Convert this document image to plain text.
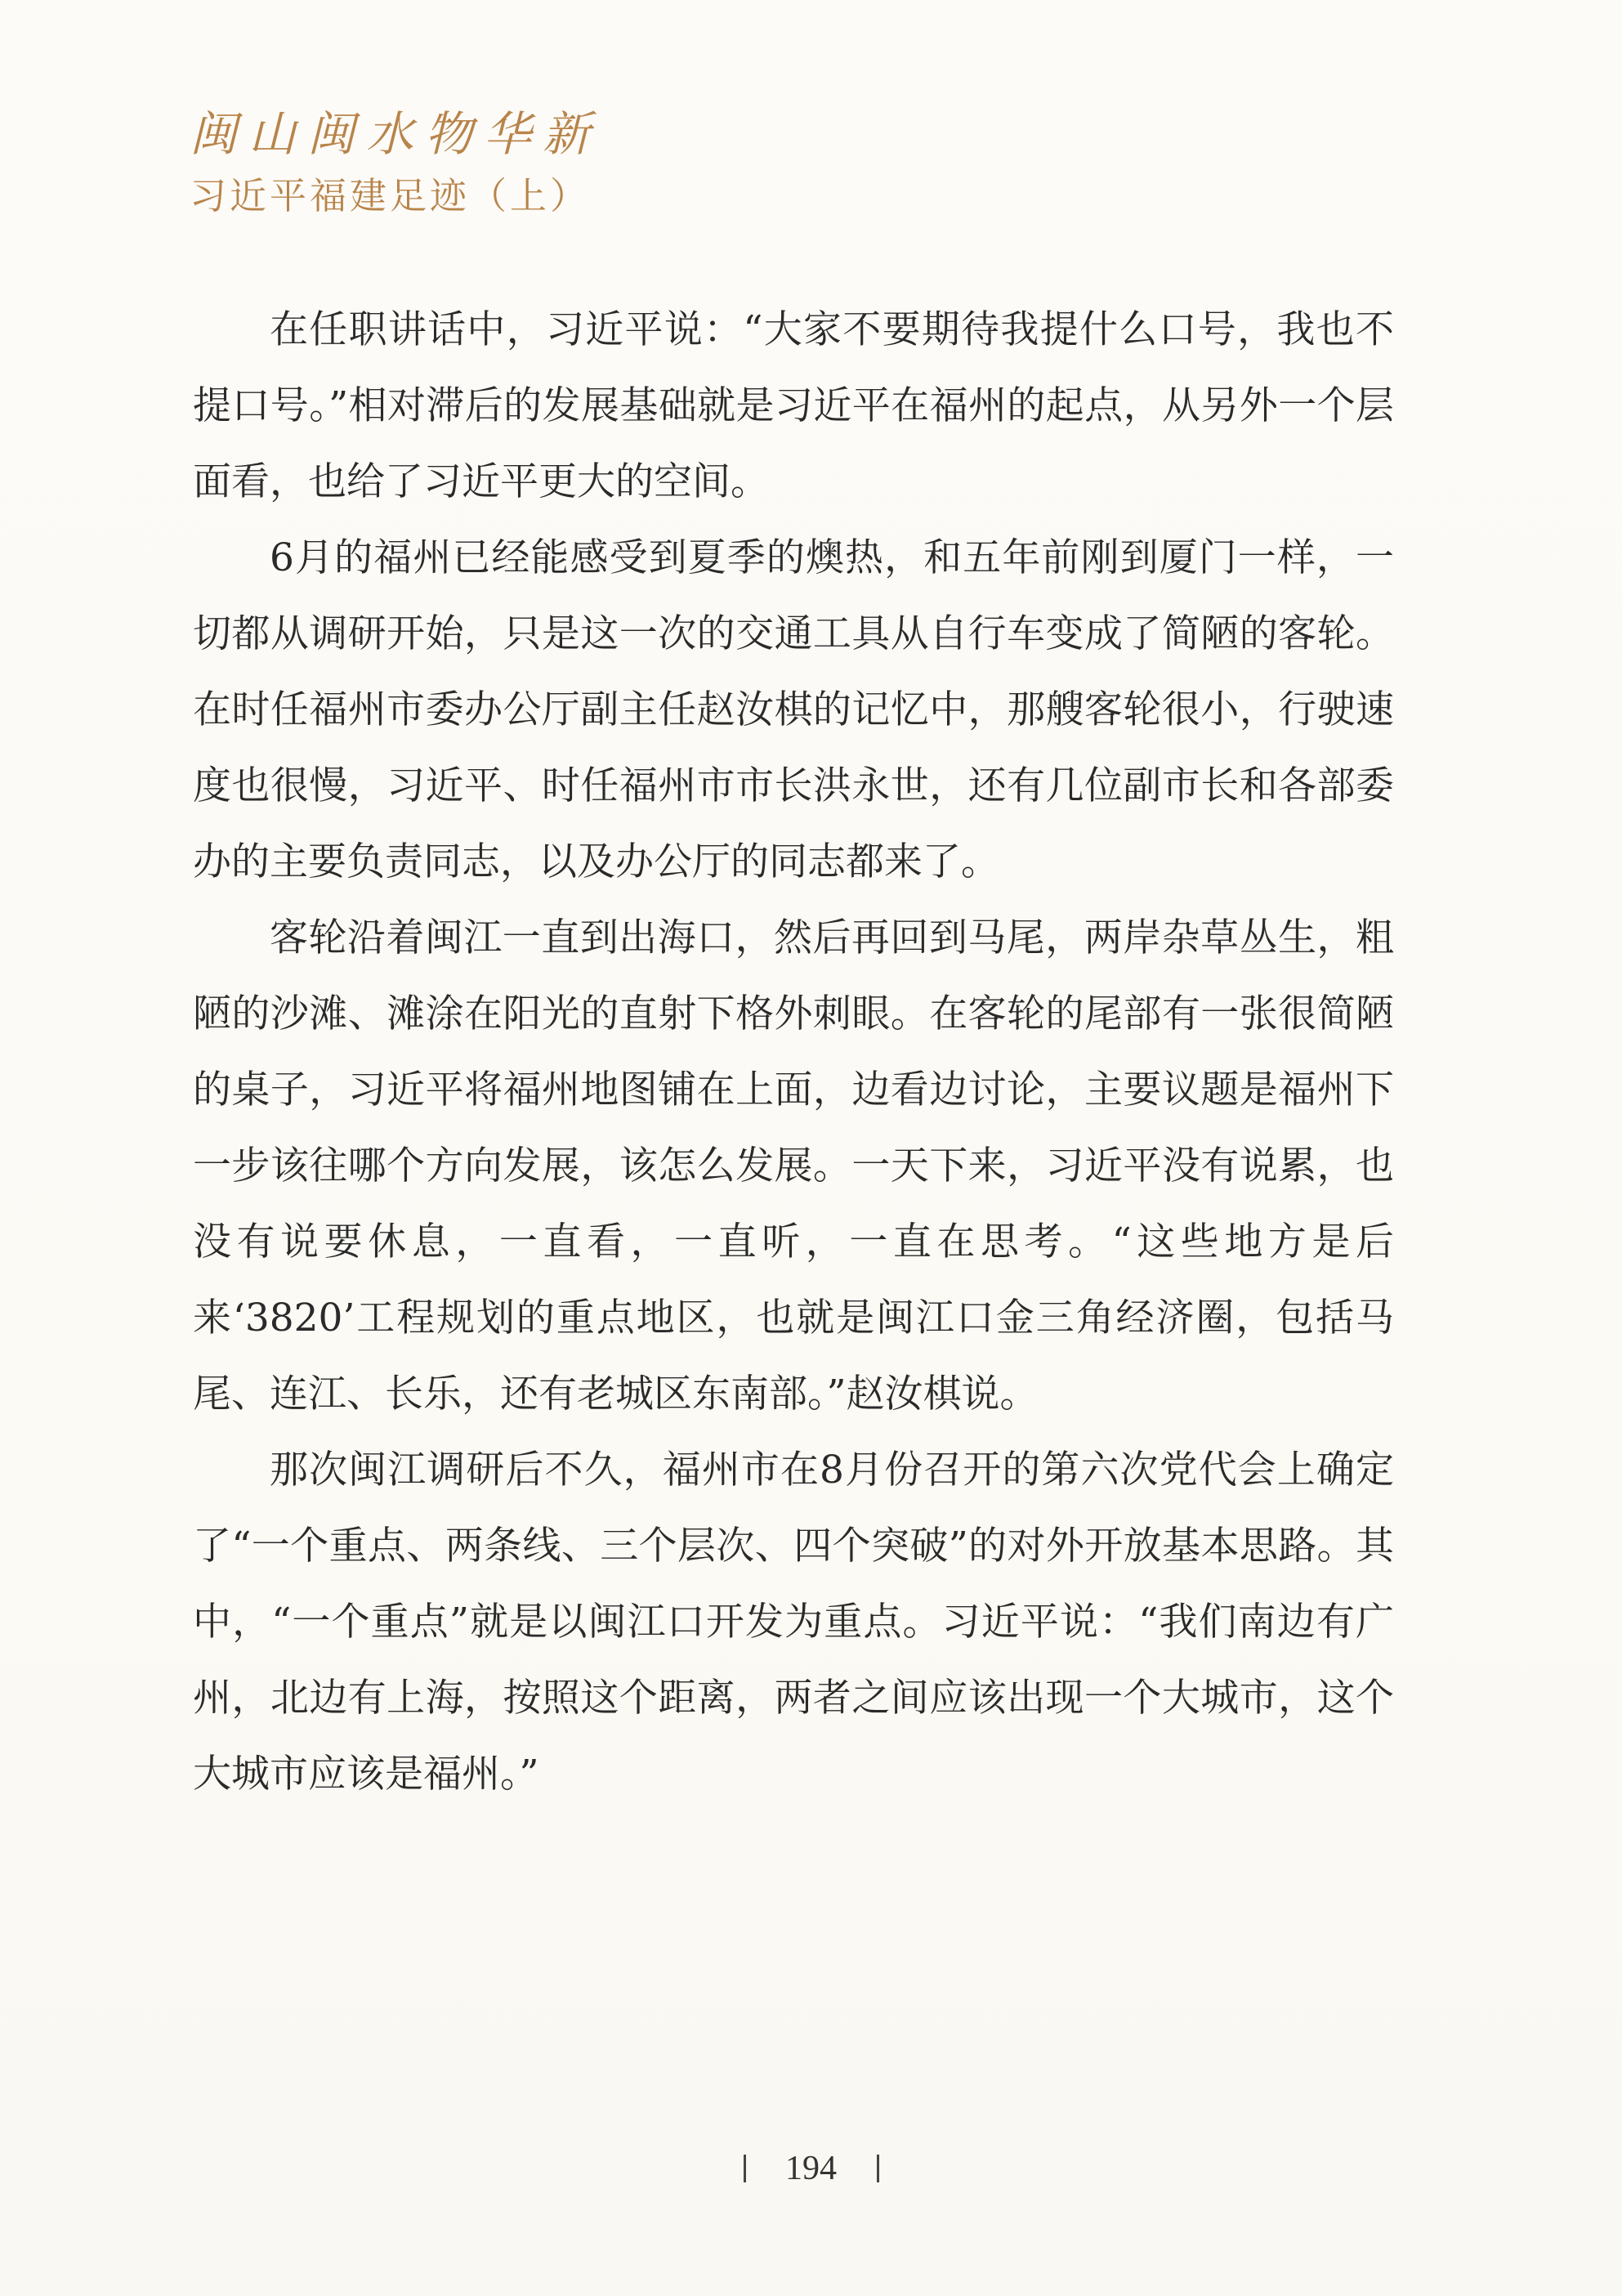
闽山闽水物华新
习近平福建足迹（上）

在任职讲话中，习近平说：“大家不要期待我提什么口号，我也不提口号。”相对滞后的发展基础就是习近平在福州的起点，从另外一个层面看，也给了习近平更大的空间。

6月的福州已经能感受到夏季的燠热，和五年前刚到厦门一样，一切都从调研开始，只是这一次的交通工具从自行车变成了简陋的客轮。在时任福州市委办公厅副主任赵汝棋的记忆中，那艘客轮很小，行驶速度也很慢，习近平、时任福州市市长洪永世，还有几位副市长和各部委办的主要负责同志，以及办公厅的同志都来了。

客轮沿着闽江一直到出海口，然后再回到马尾，两岸杂草丛生，粗陋的沙滩、滩涂在阳光的直射下格外刺眼。在客轮的尾部有一张很简陋的桌子，习近平将福州地图铺在上面，边看边讨论，主要议题是福州下一步该往哪个方向发展，该怎么发展。一天下来，习近平没有说累，也没有说要休息，一直看，一直听，一直在思考。“这些地方是后来‘3820’工程规划的重点地区，也就是闽江口金三角经济圈，包括马尾、连江、长乐，还有老城区东南部。”赵汝棋说。

那次闽江调研后不久，福州市在8月份召开的第六次党代会上确定了“一个重点、两条线、三个层次、四个突破”的对外开放基本思路。其中，“一个重点”就是以闽江口开发为重点。习近平说：“我们南边有广州，北边有上海，按照这个距离，两者之间应该出现一个大城市，这个大城市应该是福州。”

194
